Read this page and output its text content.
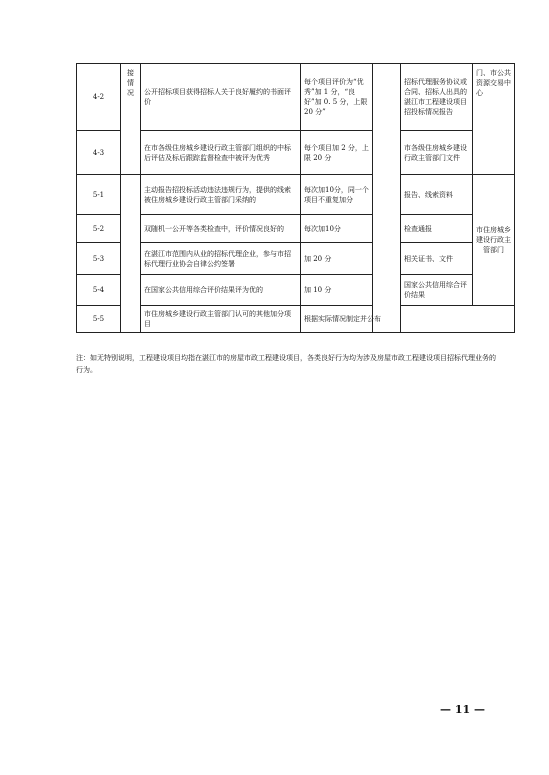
4-2	接情况	公开招标项目获得招标人关于良好履约的书面评价	每个项目评价为“优秀”加 1 分，“良好”加 0. 5 分，上限 20 分”		招标代理服务协议或合同、招标人出具的湛江市工程建设项目招投标情况报告	门、市公共资源交易中心
4-3		在市各级住房城乡建设行政主管部门组织的中标后评估及标后跟踪监督检查中被评为优秀	每个项目加 2 分，上限 20 分		市各级住房城乡建设行政主管部门文件	
5-1		主动报告招投标活动违法违规行为，提供的线索被住房城乡建设行政主管部门采纳的	每次加10分，同一个项目不重复加分		报告、线索资料	市住房城乡建设行政主管部门
5-2		双随机一公开等各类检查中，评价情况良好的	每次加10分		检查通报	
5-3		在湛江市范围内从业的招标代理企业，参与市招标代理行业协会自律公约签署	加 20 分		相关证书、文件	
5-4		在国家公共信用综合评价结果评为优的	加 10 分		国家公共信用综合评价结果	
5-5		市住房城乡建设行政主管部门认可的其他加分项目	根据实际情况制定并公布			
注：如无特别说明，工程建设项目均指在湛江市的房屋市政工程建设项目，各类良好行为均为涉及房屋市政工程建设项目招标代理业务的行为。
— 11 —
